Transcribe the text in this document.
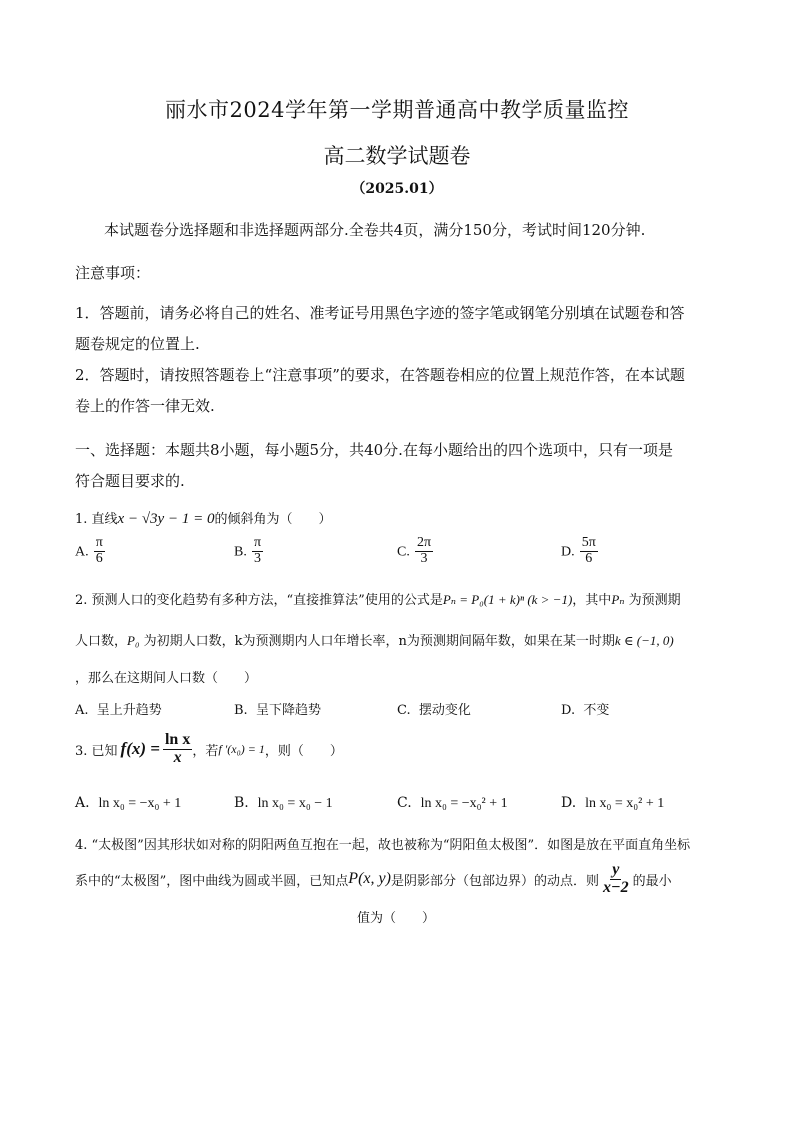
丽水市2024学年第一学期普通高中教学质量监控
高二数学试题卷
（2025.01）
本试题卷分选择题和非选择题两部分.全卷共4页，满分150分，考试时间120分钟.
注意事项：
1．答题前，请务必将自己的姓名、准考证号用黑色字迹的签字笔或钢笔分别填在试题卷和答
题卷规定的位置上.
2．答题时，请按照答题卷上“注意事项”的要求，在答题卷相应的位置上规范作答，在本试题
卷上的作答一律无效.
一、选择题：本题共8小题，每小题5分，共40分.在每小题给出的四个选项中，只有一项是
符合题目要求的.
1. 直线x − √3y − 1 = 0的倾斜角为（　　）
A. $\frac{\pi}{6}$	B. $\frac{\pi}{3}$	C. $\frac{2\pi}{3}$	D. $\frac{5\pi}{6}$
2. 预测人口的变化趋势有多种方法，“直接推算法”使用的公式是Pₙ = P₀(1 + k)ⁿ (k > −1)，其中Pₙ 为预测期
人口数，P₀ 为初期人口数，k为预测期内人口年增长率，n为预测期间隔年数，如果在某一时期k ∈ (−1, 0)
，那么在这期间人口数（　　）
A. 呈上升趋势	B. 呈下降趋势	C. 摆动变化	D. 不变
3. 已知 $f(x) = \frac{\text{ln x}}{x}$ ，若 f ′(x₀) = 1 ，则（　　）
A. ln x₀ = −x₀ + 1	B. ln x₀ = x₀ − 1	C. ln x₀ = −x₀² + 1	D. ln x₀ = x₀² + 1
4. “太极图”因其形状如对称的阴阳两鱼互抱在一起，故也被称为“阴阳鱼太极图”．如图是放在平面直角坐标
系中的“太极图”，图中曲线为圆或半圆，已知点 P(x, y) 是阴影部分（包部边界）的动点．则 $\frac{y}{x-2}$ 的最小
值为（　　）
